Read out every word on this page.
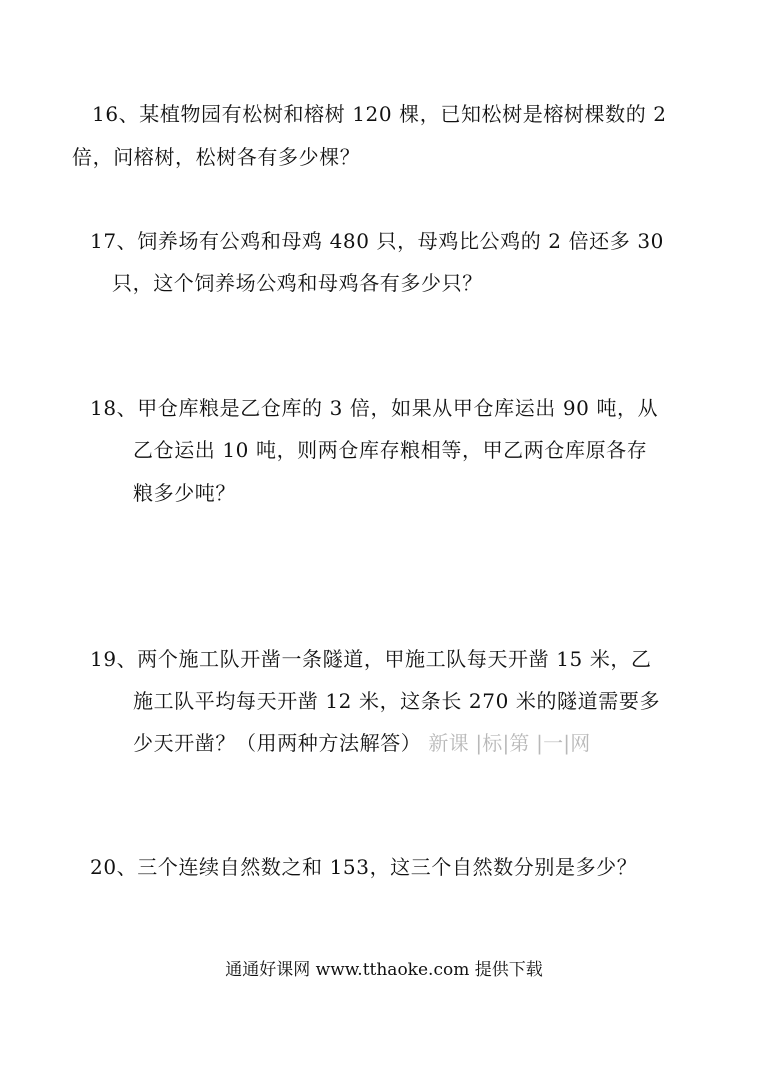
16、某植物园有松树和榕树 120 棵，已知松树是榕树棵数的 2
倍，问榕树，松树各有多少棵？
17、饲养场有公鸡和母鸡 480 只，母鸡比公鸡的 2 倍还多 30
只，这个饲养场公鸡和母鸡各有多少只？
18、甲仓库粮是乙仓库的 3 倍，如果从甲仓库运出 90 吨，从
乙仓运出 10 吨，则两仓库存粮相等，甲乙两仓库原各存
粮多少吨？
19、两个施工队开凿一条隧道，甲施工队每天开凿 15 米，乙
施工队平均每天开凿 12 米，这条长 270 米的隧道需要多
少天开凿？（用两种方法解答） 新课 |标|第 |一|网
20、三个连续自然数之和 153，这三个自然数分别是多少？
通通好课网 www.tthaoke.com 提供下载
